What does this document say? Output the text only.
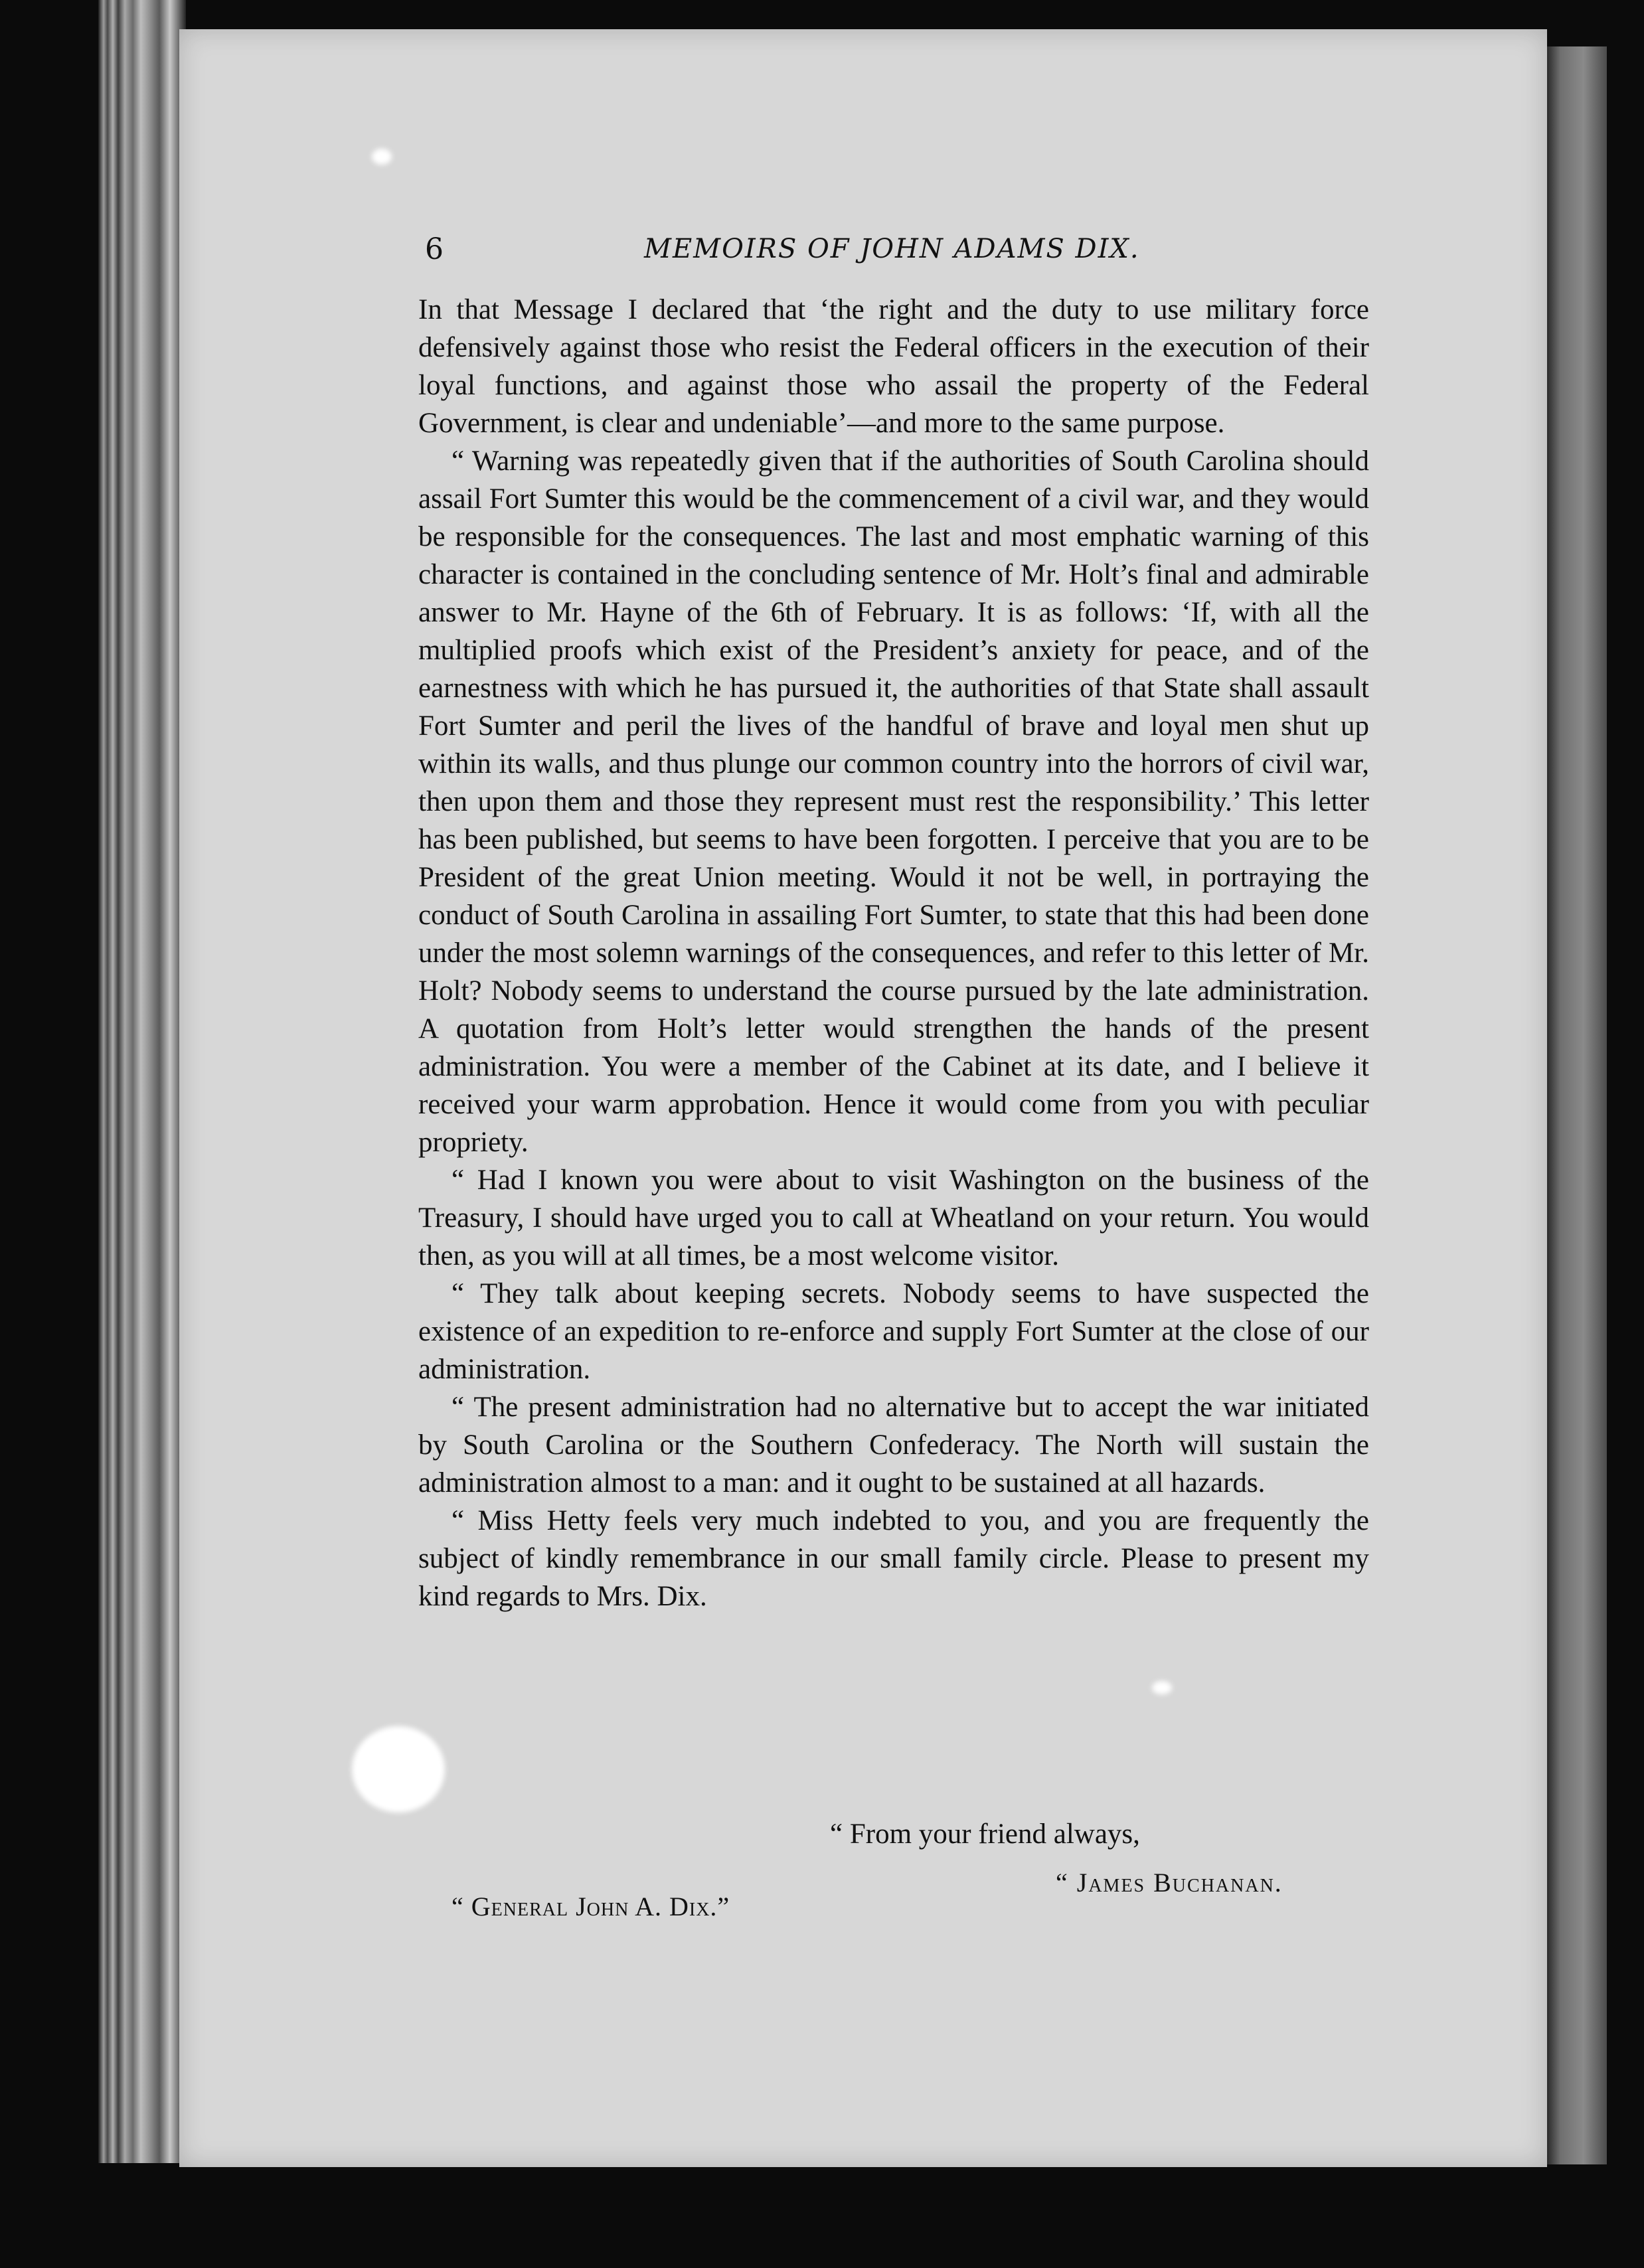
6	MEMOIRS OF JOHN ADAMS DIX.

In that Message I declared that ‘the right and the duty to use military force defensively against those who resist the Federal officers in the execution of their loyal functions, and against those who assail the property of the Federal Government, is clear and undeniable’—and more to the same purpose.

“ Warning was repeatedly given that if the authorities of South Carolina should assail Fort Sumter this would be the commencement of a civil war, and they would be responsible for the consequences. The last and most emphatic warning of this character is contained in the concluding sentence of Mr. Holt’s final and admirable answer to Mr. Hayne of the 6th of February. It is as follows: ‘If, with all the multiplied proofs which exist of the President’s anxiety for peace, and of the earnestness with which he has pursued it, the authorities of that State shall assault Fort Sumter and peril the lives of the handful of brave and loyal men shut up within its walls, and thus plunge our common country into the horrors of civil war, then upon them and those they represent must rest the responsibility.’ This letter has been published, but seems to have been forgotten. I perceive that you are to be President of the great Union meeting. Would it not be well, in portraying the conduct of South Carolina in assailing Fort Sumter, to state that this had been done under the most solemn warnings of the consequences, and refer to this letter of Mr. Holt? Nobody seems to understand the course pursued by the late administration. A quotation from Holt’s letter would strengthen the hands of the present administration. You were a member of the Cabinet at its date, and I believe it received your warm approbation. Hence it would come from you with peculiar propriety.

“ Had I known you were about to visit Washington on the business of the Treasury, I should have urged you to call at Wheatland on your return. You would then, as you will at all times, be a most welcome visitor.

“ They talk about keeping secrets. Nobody seems to have suspected the existence of an expedition to re-enforce and supply Fort Sumter at the close of our administration.

“ The present administration had no alternative but to accept the war initiated by South Carolina or the Southern Confederacy. The North will sustain the administration almost to a man: and it ought to be sustained at all hazards.

“ Miss Hetty feels very much indebted to you, and you are frequently the subject of kindly remembrance in our small family circle. Please to present my kind regards to Mrs. Dix.

“ From your friend always,
“ James Buchanan.
“ General John A. Dix.”
